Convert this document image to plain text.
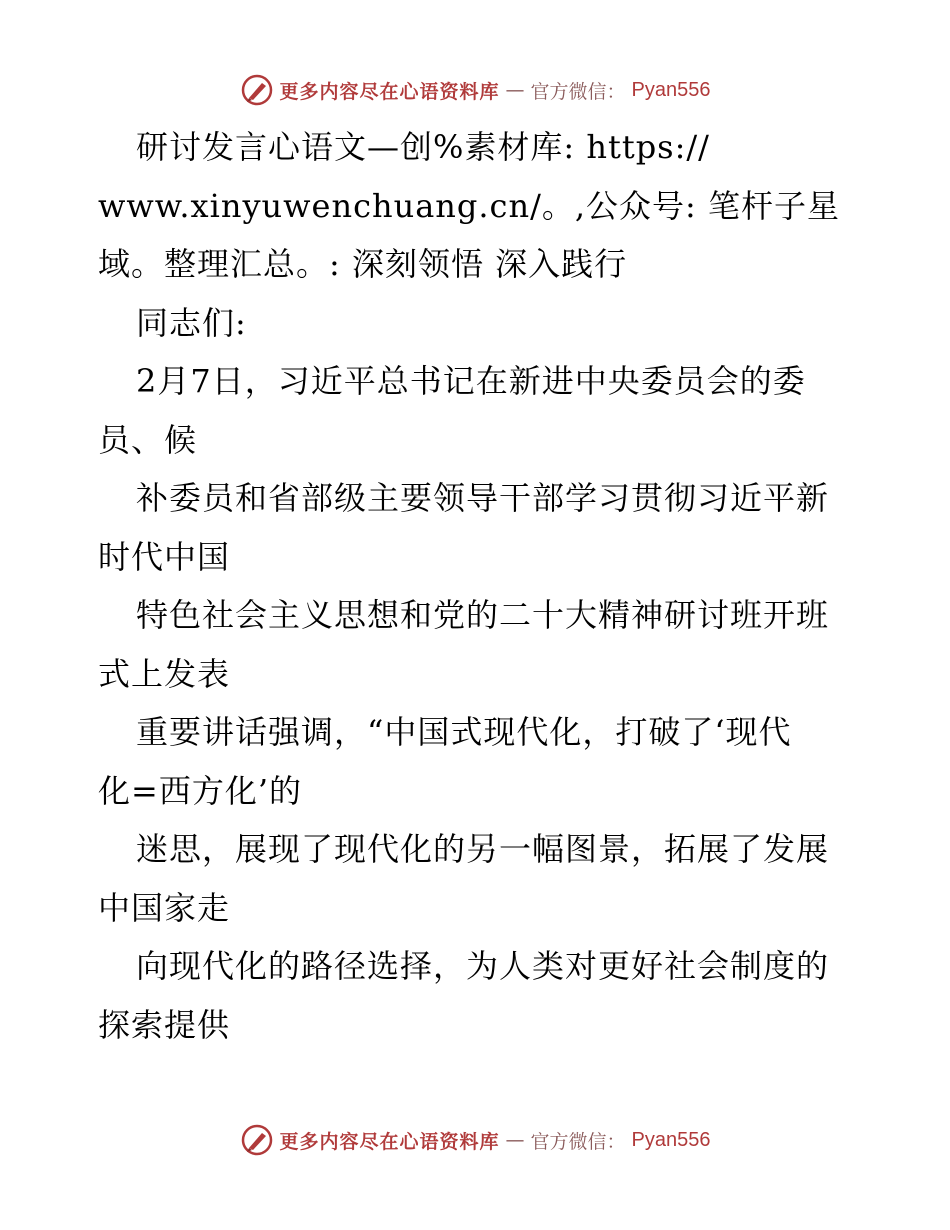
更多内容尽在心语资料库 — 官方微信： Pyan556
研讨发言心语文—创%素材库: https://
www.xinyuwenchuang.cn/。,公众号: 笔杆子星
域。整理汇总。: 深刻领悟 深入践行
同志们:
2月7日，习近平总书记在新进中央委员会的委
员、候
补委员和省部级主要领导干部学习贯彻习近平新
时代中国
特色社会主义思想和党的二十大精神研讨班开班
式上发表
重要讲话强调，“中国式现代化，打破了‘现代
化=西方化’的
迷思，展现了现代化的另一幅图景，拓展了发展
中国家走
向现代化的路径选择，为人类对更好社会制度的
探索提供
更多内容尽在心语资料库 — 官方微信： Pyan556
